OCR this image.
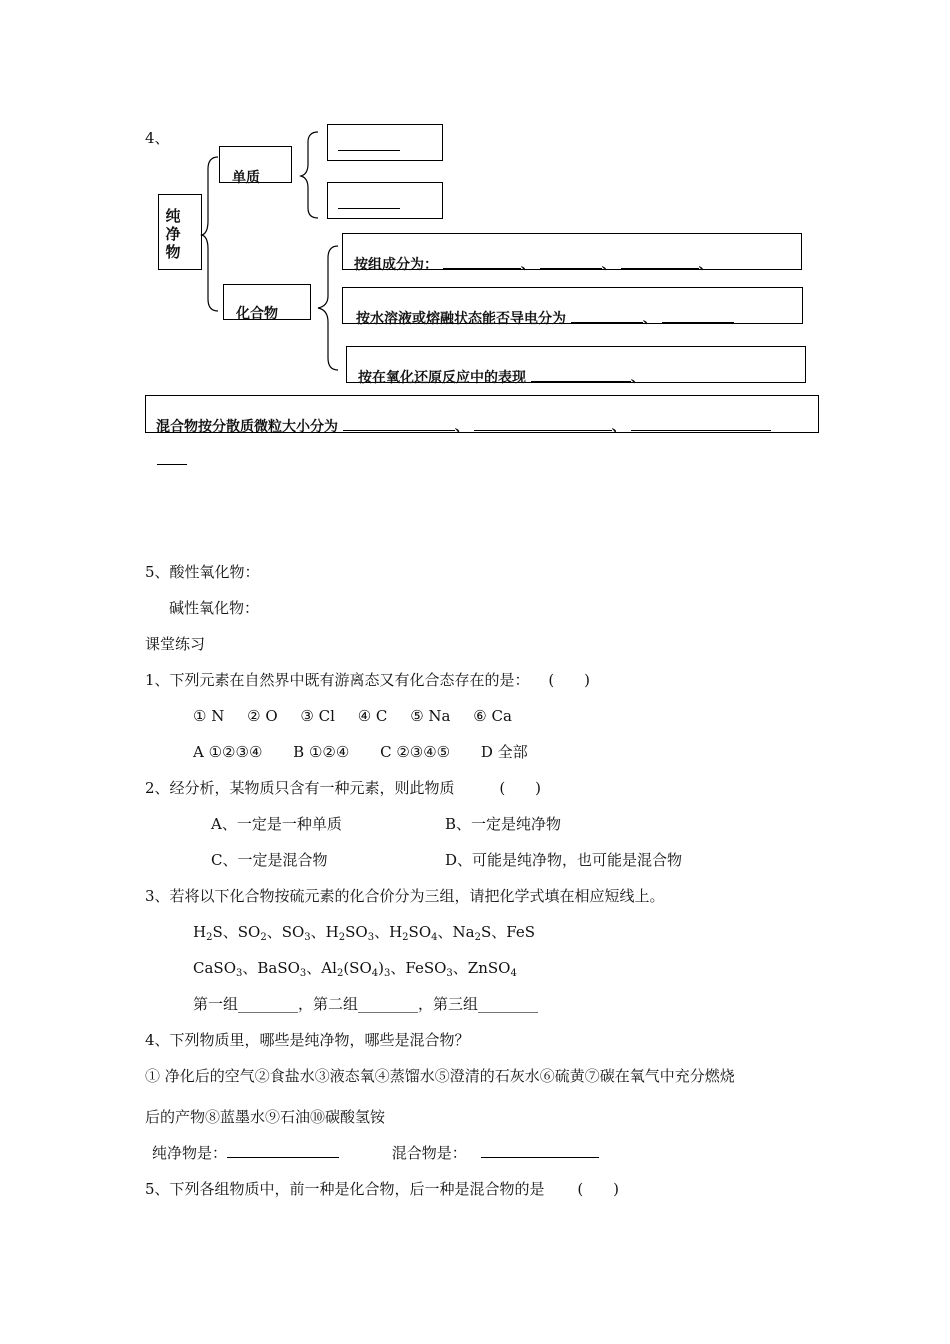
4、
纯净物
单质
化合物
按组成分为：	、	、	、
按水溶液或熔融状态能否导电分为	、
按在氧化还原反应中的表现	、
混合物按分散质微粒大小分为	、	、
5、酸性氧化物：
碱性氧化物：
课堂练习
1、下列元素在自然界中既有游离态又有化合态存在的是： (　　)
① N ② O ③ Cl ④ C ⑤ Na ⑥ Ca
A ①②③④ B ①②④ C ②③④⑤ D 全部
2、经分析，某物质只含有一种元素，则此物质	(　　)
A、一定是一种单质	B、一定是纯净物
C、一定是混合物	D、可能是纯净物，也可能是混合物
3、若将以下化合物按硫元素的化合价分为三组，请把化学式填在相应短线上。
$H_2S$、$SO_2$、$SO_3$、$H_2SO_3$、$H_2SO_4$、$Na_2S$、FeS
CaSO$_3$、BaSO$_3$、$Al_2(SO_4)_3$、FeSO$_3$、ZnSO$_4$
第一组________，第二组________，第三组________
4、下列物质里，哪些是纯净物，哪些是混合物？
① 净化后的空气②食盐水③液态氧④蒸馏水⑤澄清的石灰水⑥硫黄⑦碳在氧气中充分燃烧
后的产物⑧蓝墨水⑨石油⑩碳酸氢铵
纯净物是：	混合物是：
5、下列各组物质中，前一种是化合物，后一种是混合物的是 (　　)
